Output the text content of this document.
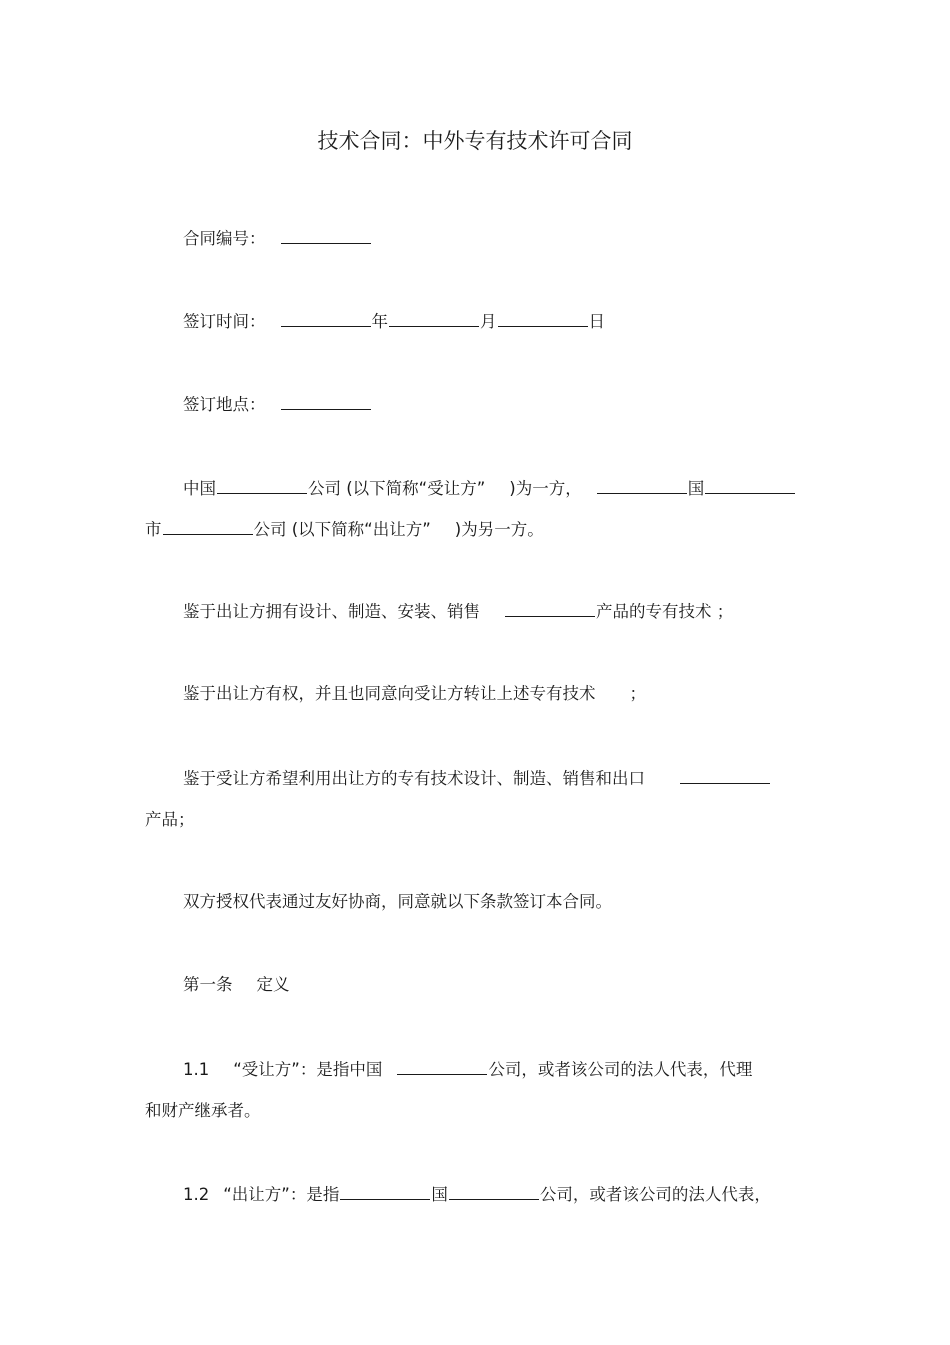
技术合同：中外专有技术许可合同
合同编号：
签订时间：	年	月	日
签订地点：
中国	公司 (以下简称“受让方” )为一方，	国
市	公司 (以下简称“出让方” )为另一方。
鉴于出让方拥有设计、制造、安装、销售	产品的专有技术 ；
鉴于出让方有权，并且也同意向受让方转让上述专有技术 ；
鉴于受让方希望利用出让方的专有技术设计、制造、销售和出口
产品；
双方授权代表通过友好协商，同意就以下条款签订本合同。
第一条 定义
1.1 “受让方”：是指中国	公司，或者该公司的法人代表，代理
和财产继承者。
1.2 “出让方”：是指	国	公司，或者该公司的法人代表，
